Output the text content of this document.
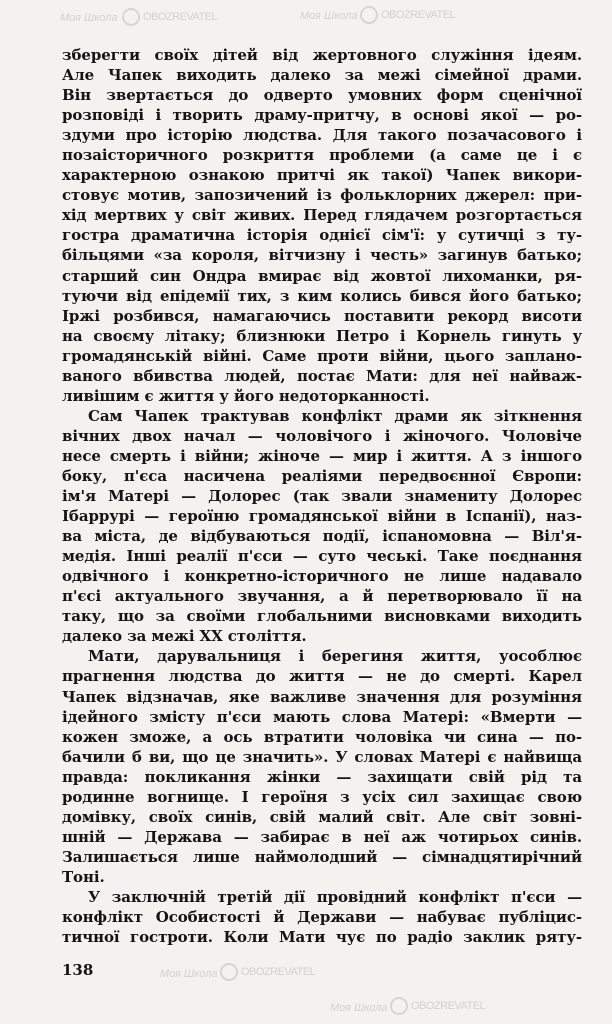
Моя Школа	OBOZREVATEL
Моя Школа	OBOZREVATEL
Моя Школа	OBOZREVATEL
Моя Школа	OBOZREVATEL
зберегти своїх дітей від жертовного служіння ідеям.
Але Чапек виходить далеко за межі сімейної драми.
Він звертається до одверто умовних форм сценічної
розповіді і творить драму-притчу, в основі якої — ро-
здуми про історію людства. Для такого позачасового і
позаісторичного розкриття проблеми (а саме це і є
характерною ознакою притчі як такої) Чапек викори-
стовує мотив, запозичений із фольклорних джерел: при-
хід мертвих у світ живих. Перед глядачем розгортається
гостра драматична історія однієї сім'ї: у сутичці з ту-
більцями «за короля, вітчизну і честь» загинув батько;
старший син Ондра вмирає від жовтої лихоманки, ря-
туючи від епідемії тих, з ким колись бився його батько;
Іржі розбився, намагаючись поставити рекорд висоти
на своєму літаку; близнюки Петро і Корнель гинуть у
громадянській війні. Саме проти війни, цього заплано-
ваного вбивства людей, постає Мати: для неї найваж-
ливішим є життя у його недоторканності.
Сам Чапек трактував конфлікт драми як зіткнення
вічних двох начал — чоловічого і жіночого. Чоловіче
несе смерть і війни; жіноче — мир і життя. А з іншого
боку, п'єса насичена реаліями передвоєнної Європи:
ім'я Матері — Долорес (так звали знамениту Долорес
Ібаррурі — героїню громадянської війни в Іспанії), наз-
ва міста, де відбуваються події, іспаномовна — Віл'я-
медія. Інші реалії п'єси — суто чеські. Таке поєднання
одвічного і конкретно-історичного не лише надавало
п'єсі актуального звучання, а й перетворювало її на
таку, що за своїми глобальними висновками виходить
далеко за межі XX століття.
Мати, дарувальниця і берегиня життя, уособлює
прагнення людства до життя — не до смерті. Карел
Чапек відзначав, яке важливе значення для розуміння
ідейного змісту п'єси мають слова Матері: «Вмерти —
кожен зможе, а ось втратити чоловіка чи сина — по-
бачили б ви, що це значить». У словах Матері є найвища
правда: покликання жінки — захищати свій рід та
родинне вогнище. І героїня з усіх сил захищає свою
домівку, своїх синів, свій малий світ. Але світ зовні-
шній — Держава — забирає в неї аж чотирьох синів.
Залишається лише наймолодший — сімнадцятирічний
Тоні.
У заключній третій дії провідний конфлікт п'єси —
конфлікт Особистості й Держави — набуває публіцис-
тичної гостроти. Коли Мати чує по радіо заклик ряту-
138
